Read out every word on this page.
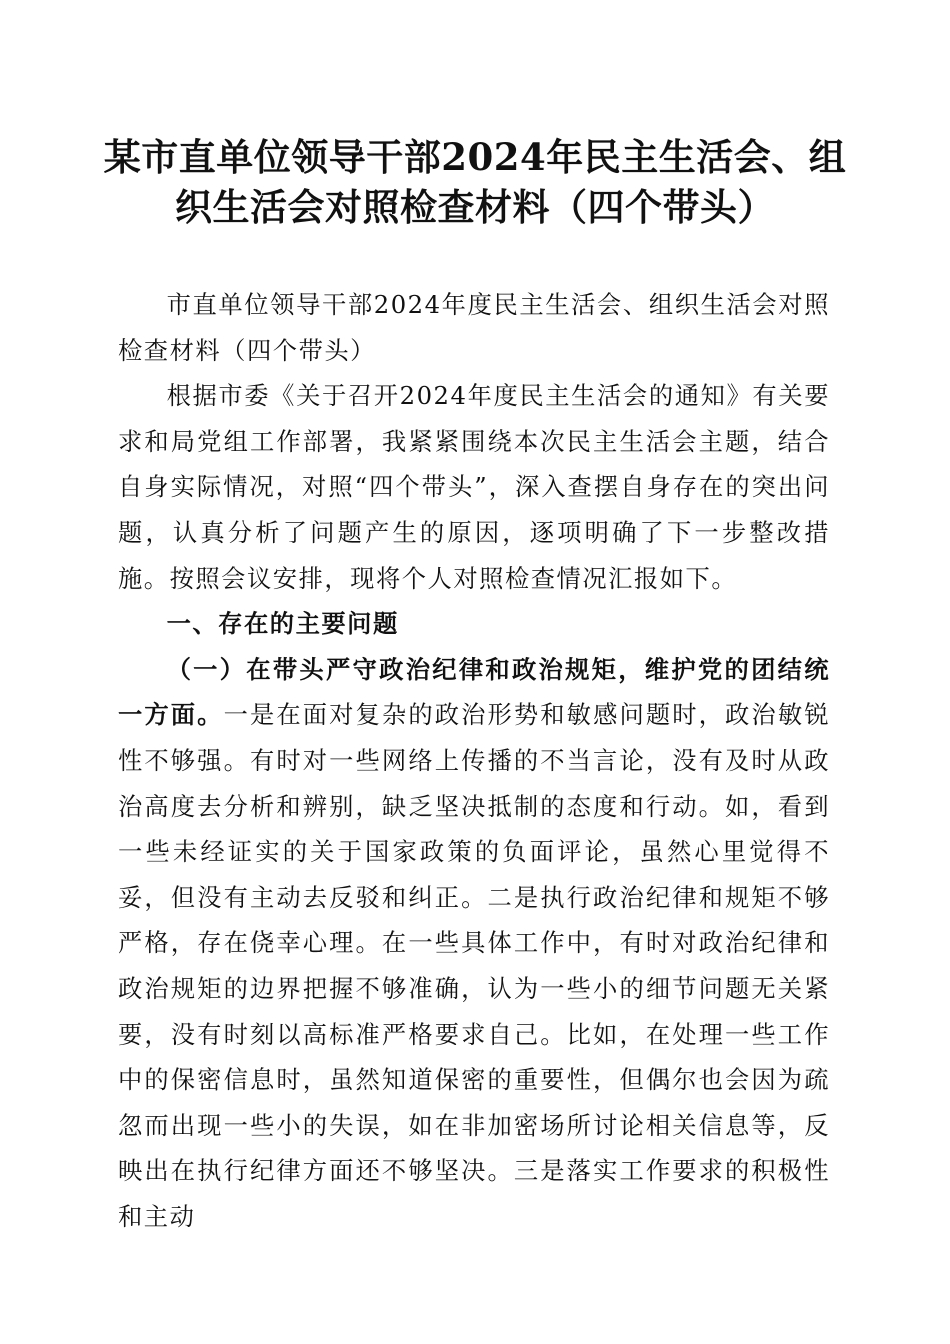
某市直单位领导干部2024年民主生活会、组
织生活会对照检查材料（四个带头）

市直单位领导干部2024年度民主生活会、组织生活会对照检查材料（四个带头）

根据市委《关于召开2024年度民主生活会的通知》有关要求和局党组工作部署，我紧紧围绕本次民主生活会主题，结合自身实际情况，对照“四个带头”，深入查摆自身存在的突出问题，认真分析了问题产生的原因，逐项明确了下一步整改措施。按照会议安排，现将个人对照检查情况汇报如下。

一、存在的主要问题

（一）在带头严守政治纪律和政治规矩，维护党的团结统一方面。一是在面对复杂的政治形势和敏感问题时，政治敏锐性不够强。有时对一些网络上传播的不当言论，没有及时从政治高度去分析和辨别，缺乏坚决抵制的态度和行动。如，看到一些未经证实的关于国家政策的负面评论，虽然心里觉得不妥，但没有主动去反驳和纠正。二是执行政治纪律和规矩不够严格，存在侥幸心理。在一些具体工作中，有时对政治纪律和政治规矩的边界把握不够准确，认为一些小的细节问题无关紧要，没有时刻以高标准严格要求自己。比如，在处理一些工作中的保密信息时，虽然知道保密的重要性，但偶尔也会因为疏忽而出现一些小的失误，如在非加密场所讨论相关信息等，反映出在执行纪律方面还不够坚决。三是落实工作要求的积极性和主动
